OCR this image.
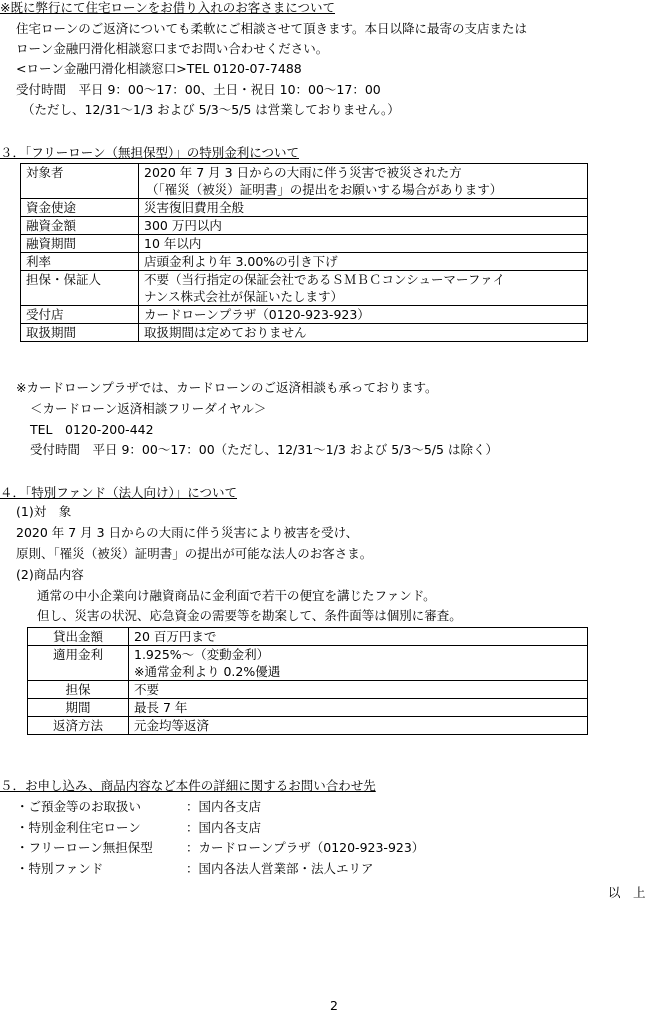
※既に弊行にて住宅ローンをお借り入れのお客さまについて
住宅ローンのご返済についても柔軟にご相談させて頂きます。本日以降に最寄の支店または
ローン金融円滑化相談窓口までお問い合わせください。
<ローン金融円滑化相談窓口>TEL 0120-07-7488
受付時間　平日 9：00～17：00、土日・祝日 10：00～17：00
（ただし、12/31～1/3 および 5/3～5/5 は営業しておりません。）
３．「フリーローン（無担保型）」の特別金利について
対象者	2020 年 7 月 3 日からの大雨に伴う災害で被災された方
（「罹災（被災）証明書」の提出をお願いする場合があります）

資金使途	災害復旧費用全般
融資金額	300 万円以内
融資期間	10 年以内
利率	店頭金利より年 3.00%の引き下げ
担保・保証人	不要（当行指定の保証会社であるＳＭＢＣコンシューマーファイ
ナンス株式会社が保証いたします）

受付店	カードローンプラザ（0120-923-923）
取扱期間	取扱期間は定めておりません
※カードローンプラザでは、カードローンのご返済相談も承っております。
＜カードローン返済相談フリーダイヤル＞
TEL　0120-200-442
受付時間　平日 9：00～17：00（ただし、12/31～1/3 および 5/3～5/5 は除く）
４．「特別ファンド（法人向け）」について
(1)対　象
2020 年 7 月 3 日からの大雨に伴う災害により被害を受け、
原則、「罹災（被災）証明書」の提出が可能な法人のお客さま。
(2)商品内容
通常の中小企業向け融資商品に金利面で若干の便宜を講じたファンド。
但し、災害の状況、応急資金の需要等を勘案して、条件面等は個別に審査。
貸出金額	20 百万円まで
適用金利	1.925%～（変動金利）
※通常金利より 0.2%優遇

担保	不要
期間	最長 7 年
返済方法	元金均等返済
５．お申し込み、商品内容など本件の詳細に関するお問い合わせ先
・ご預金等のお取扱い	：国内各支店
・特別金利住宅ローン	：国内各支店
・フリーローン無担保型	：カードローンプラザ（0120-923-923）
・特別ファンド	：国内各法人営業部・法人エリア
以　上
2
